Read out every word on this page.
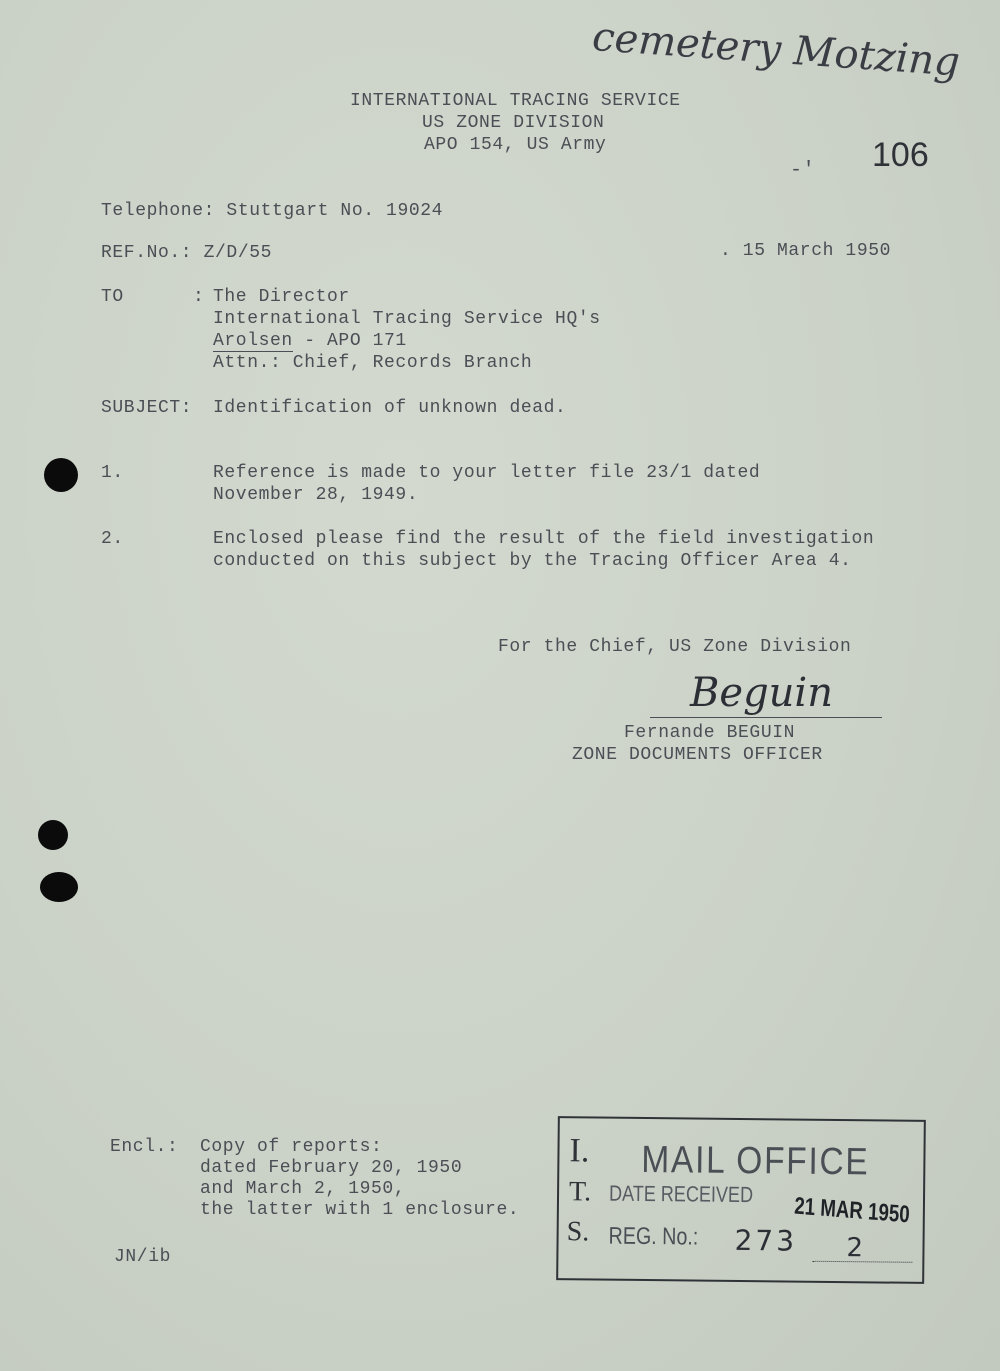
cemetery Motzing
106
-'
INTERNATIONAL TRACING SERVICE
US ZONE DIVISION
APO 154, US Army
Telephone: Stuttgart No. 19024
REF.No.: Z/D/55	. 15 March 1950
TO	: The Director
International Tracing Service HQ's
Arolsen - APO 171
Attn.: Chief, Records Branch
SUBJECT: Identification of unknown dead.
1.	Reference is made to your letter file 23/1 dated
November 28, 1949.
2.	Enclosed please find the result of the field investigation
conducted on this subject by the Tracing Officer Area 4.
For the Chief, US Zone Division
Beguin
Fernande BEGUIN
ZONE DOCUMENTS OFFICER
Encl.: Copy of reports:
dated February 20, 1950
and March 2, 1950,
the latter with 1 enclosure.
JN/ib
I.
T.
S.
MAIL OFFICE
DATE RECEIVED 21 MAR 1950
REG. No.: 273 2
